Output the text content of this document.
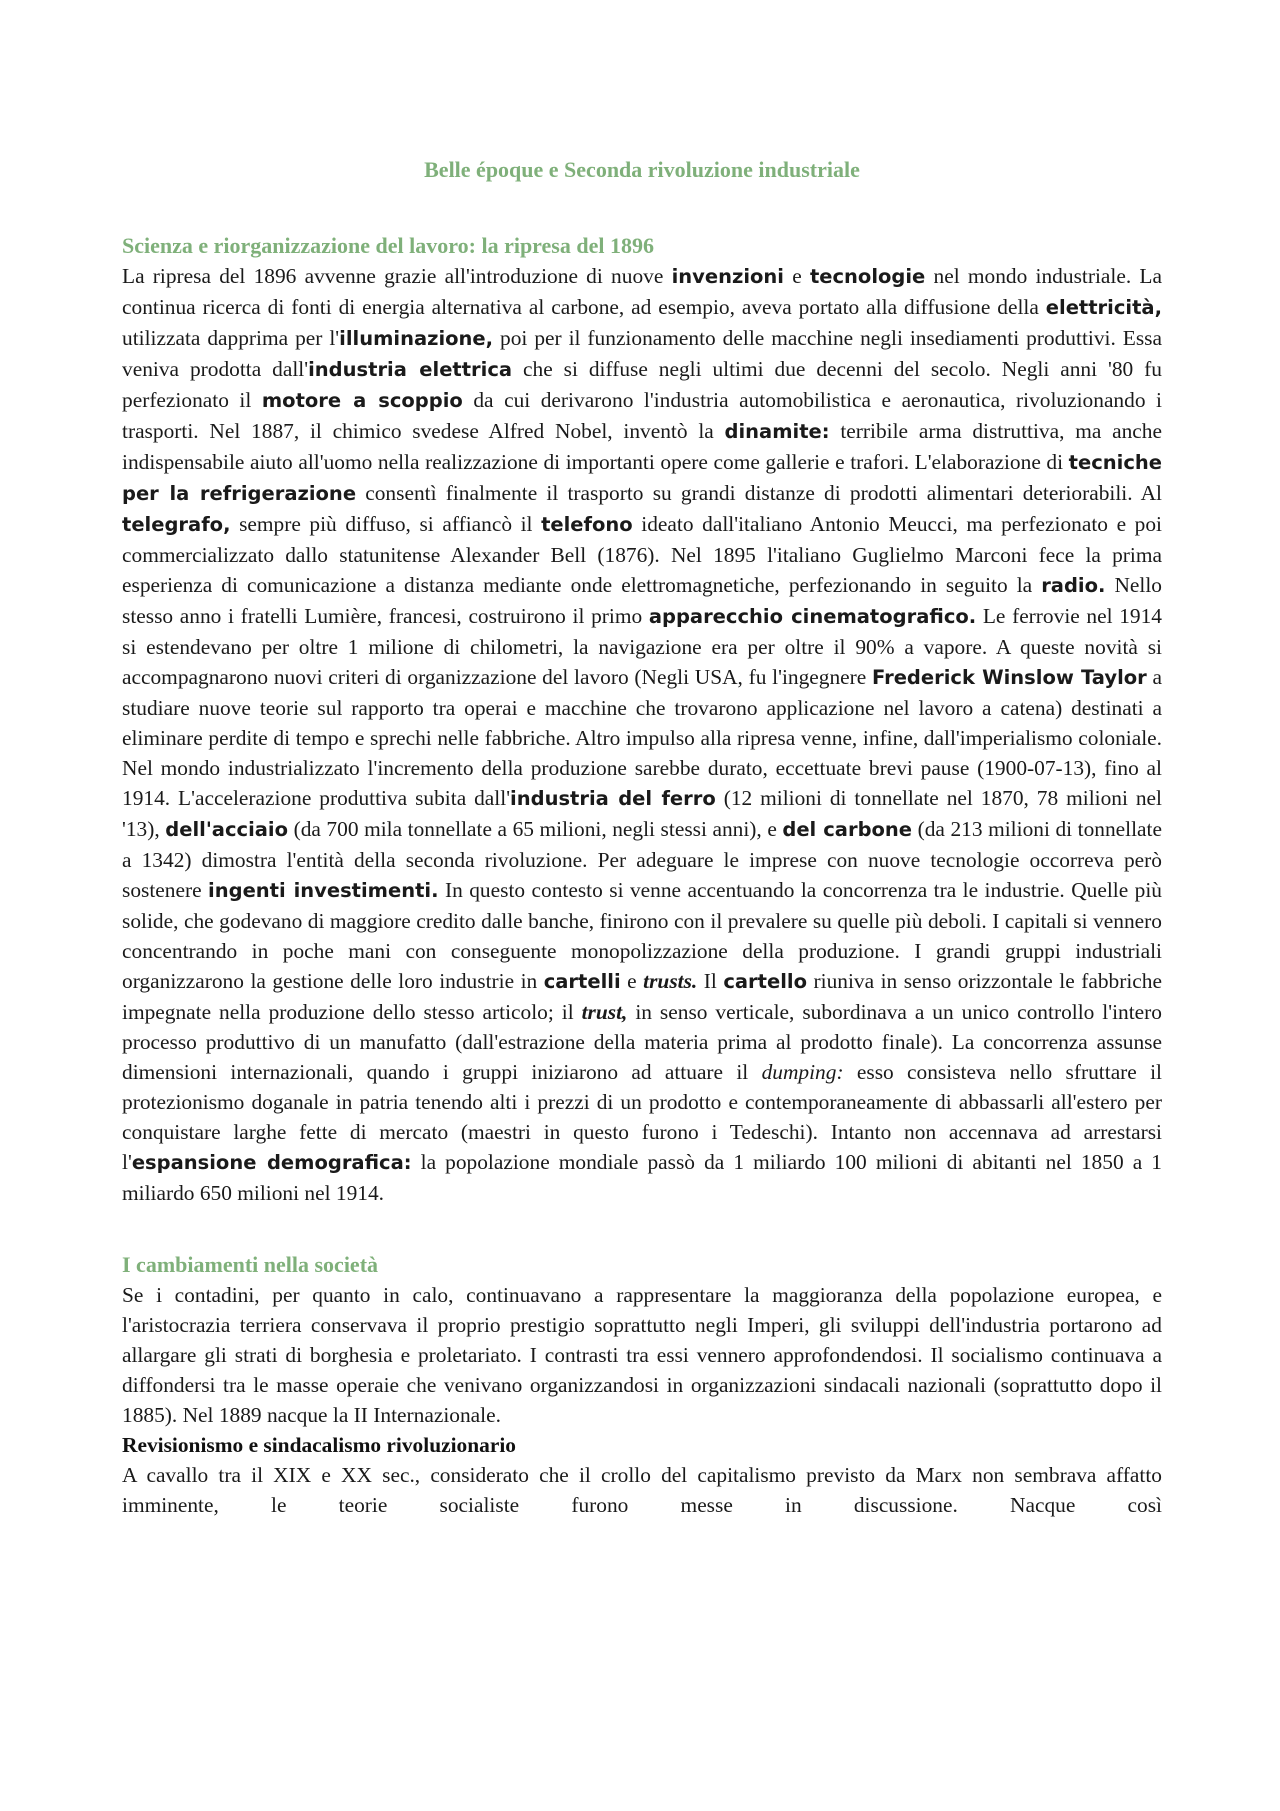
Belle époque e Seconda rivoluzione industriale
Scienza e riorganizzazione del lavoro: la ripresa del 1896

La ripresa del 1896 avvenne grazie all'introduzione di nuove invenzioni e tecnologie nel mondo industriale. La continua ricerca di fonti di energia alternativa al carbone, ad esempio, aveva portato alla diffusione della elettricità, utilizzata dapprima per l'illuminazione, poi per il funzionamento delle macchine negli insediamenti produttivi. Essa veniva prodotta dall'industria elettrica che si diffuse negli ultimi due decenni del secolo. Negli anni '80 fu perfezionato il motore a scoppio da cui derivarono l'industria automobilistica e aeronautica, rivoluzionando i trasporti. Nel 1887, il chimico svedese Alfred Nobel, inventò la dinamite: terribile arma distruttiva, ma anche indispensabile aiuto all'uomo nella realizzazione di importanti opere come gallerie e trafori. L'elaborazione di tecniche per la refrigerazione consentì finalmente il trasporto su grandi distanze di prodotti alimentari deteriorabili. Al telegrafo, sempre più diffuso, si affiancò il telefono ideato dall'italiano Antonio Meucci, ma perfezionato e poi commercializzato dallo statunitense Alexander Bell (1876). Nel 1895 l'italiano Guglielmo Marconi fece la prima esperienza di comunicazione a distanza mediante onde elettromagnetiche, perfezionando in seguito la radio. Nello stesso anno i fratelli Lumière, francesi, costruirono il primo apparecchio cinematografico. Le ferrovie nel 1914 si estendevano per oltre 1 milione di chilometri, la navigazione era per oltre il 90% a vapore. A queste novità si accompagnarono nuovi criteri di organizzazione del lavoro (Negli USA, fu l'ingegnere Frederick Winslow Taylor a studiare nuove teorie sul rapporto tra operai e macchine che trovarono applicazione nel lavoro a catena) destinati a eliminare perdite di tempo e sprechi nelle fabbriche. Altro impulso alla ripresa venne, infine, dall'imperialismo coloniale. Nel mondo industrializzato l'incremento della produzione sarebbe durato, eccettuate brevi pause (1900-07-13), fino al 1914. L'accelerazione produttiva subita dall'industria del ferro (12 milioni di tonnellate nel 1870, 78 milioni nel '13), dell'acciaio (da 700 mila tonnellate a 65 milioni, negli stessi anni), e del carbone (da 213 milioni di tonnellate a 1342) dimostra l'entità della seconda rivoluzione. Per adeguare le imprese con nuove tecnologie occorreva però sostenere ingenti investimenti. In questo contesto si venne accentuando la concorrenza tra le industrie. Quelle più solide, che godevano di maggiore credito dalle banche, finirono con il prevalere su quelle più deboli. I capitali si vennero concentrando in poche mani con conseguente monopolizzazione della produzione. I grandi gruppi industriali organizzarono la gestione delle loro industrie in cartelli e trusts. Il cartello riuniva in senso orizzontale le fabbriche impegnate nella produzione dello stesso articolo; il trust, in senso verticale, subordinava a un unico controllo l'intero processo produttivo di un manufatto (dall'estrazione della materia prima al prodotto finale). La concorrenza assunse dimensioni internazionali, quando i gruppi iniziarono ad attuare il dumping: esso consisteva nello sfruttare il protezionismo doganale in patria tenendo alti i prezzi di un prodotto e contemporaneamente di abbassarli all'estero per conquistare larghe fette di mercato (maestri in questo furono i Tedeschi). Intanto non accennava ad arrestarsi l'espansione demografica: la popolazione mondiale passò da 1 miliardo 100 milioni di abitanti nel 1850 a 1 miliardo 650 milioni nel 1914.

I cambiamenti nella società

Se i contadini, per quanto in calo, continuavano a rappresentare la maggioranza della popolazione europea, e l'aristocrazia terriera conservava il proprio prestigio soprattutto negli Imperi, gli sviluppi dell'industria portarono ad allargare gli strati di borghesia e proletariato. I contrasti tra essi vennero approfondendosi. Il socialismo continuava a diffondersi tra le masse operaie che venivano organizzandosi in organizzazioni sindacali nazionali (soprattutto dopo il 1885). Nel 1889 nacque la II Internazionale.

Revisionismo e sindacalismo rivoluzionario

A cavallo tra il XIX e XX sec., considerato che il crollo del capitalismo previsto da Marx non sembrava affatto imminente, le teorie socialiste furono messe in discussione. Nacque così
